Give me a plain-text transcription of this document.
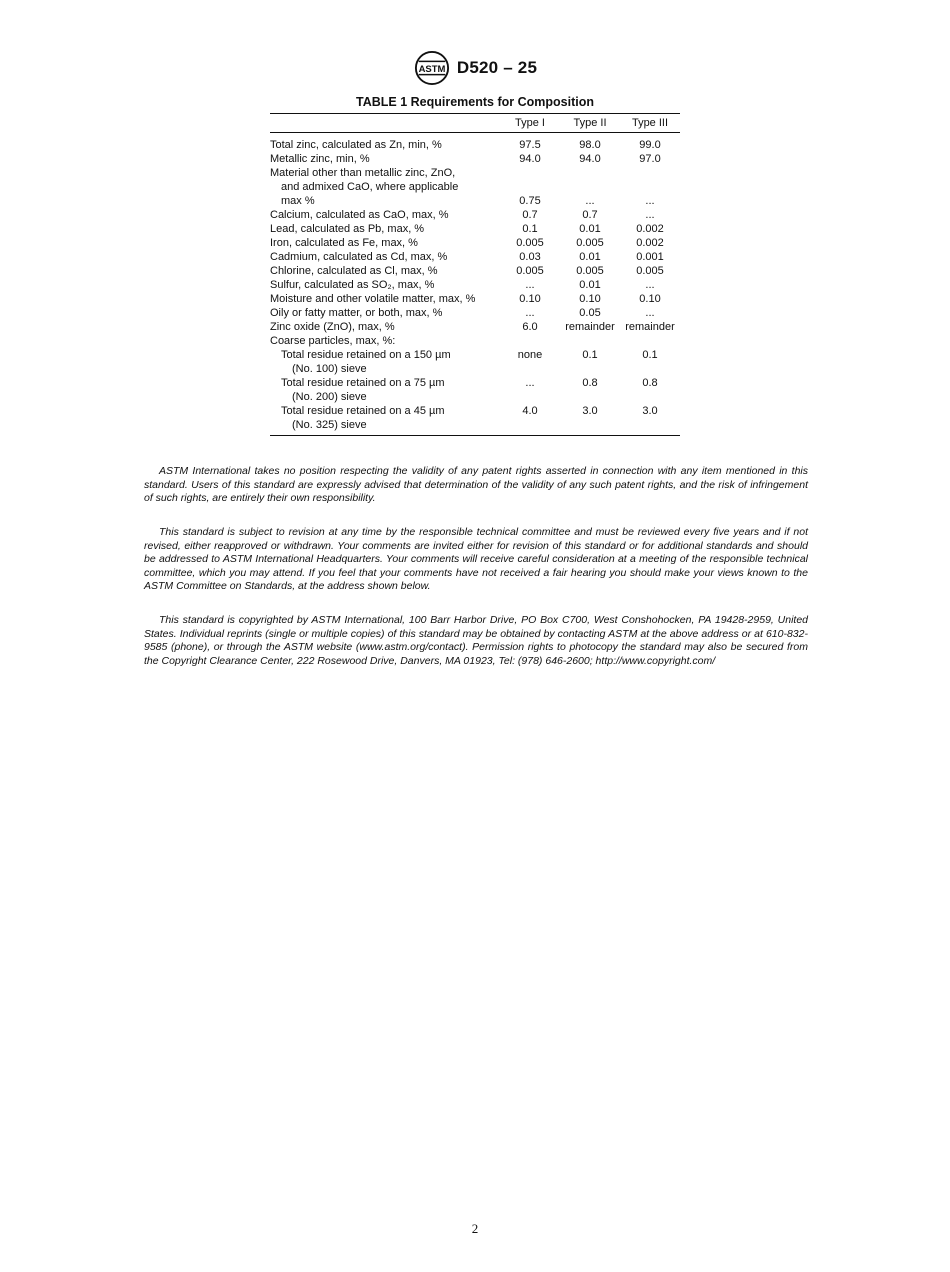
ASTM D520 – 25
TABLE 1 Requirements for Composition
	Type I	Type II	Type III

Total zinc, calculated as Zn, min, %	97.5	98.0	99.0

Metallic zinc, min, %	94.0	94.0	97.0

Material other than metallic zinc, ZnO,
and admixed CaO, where applicable
max %	0.75	...	...

Calcium, calculated as CaO, max, %	0.7	0.7	...

Lead, calculated as Pb, max, %	0.1	0.01	0.002

Iron, calculated as Fe, max, %	0.005	0.005	0.002

Cadmium, calculated as Cd, max, %	0.03	0.01	0.001

Chlorine, calculated as Cl, max, %	0.005	0.005	0.005

Sulfur, calculated as SO₂, max, %	...	0.01	...

Moisture and other volatile matter, max, %	0.10	0.10	0.10

Oily or fatty matter, or both, max, %	...	0.05	...

Zinc oxide (ZnO), max, %	6.0	remainder	remainder

Coarse particles, max, %:			

Total residue retained on a 150 µm
(No. 100) sieve	none	0.1	0.1

Total residue retained on a 75 µm
(No. 200) sieve	...	0.8	0.8

Total residue retained on a 45 µm
(No. 325) sieve	4.0	3.0	3.0

ASTM International takes no position respecting the validity of any patent rights asserted in connection with any item mentioned in this standard. Users of this standard are expressly advised that determination of the validity of any such patent rights, and the risk of infringement of such rights, are entirely their own responsibility.

This standard is subject to revision at any time by the responsible technical committee and must be reviewed every five years and if not revised, either reapproved or withdrawn. Your comments are invited either for revision of this standard or for additional standards and should be addressed to ASTM International Headquarters. Your comments will receive careful consideration at a meeting of the responsible technical committee, which you may attend. If you feel that your comments have not received a fair hearing you should make your views known to the ASTM Committee on Standards, at the address shown below.

This standard is copyrighted by ASTM International, 100 Barr Harbor Drive, PO Box C700, West Conshohocken, PA 19428-2959, United States. Individual reprints (single or multiple copies) of this standard may be obtained by contacting ASTM at the above address or at 610-832-9585 (phone), or through the ASTM website (www.astm.org/contact). Permission rights to photocopy the standard may also be secured from the Copyright Clearance Center, 222 Rosewood Drive, Danvers, MA 01923, Tel: (978) 646-2600; http://www.copyright.com/

2
